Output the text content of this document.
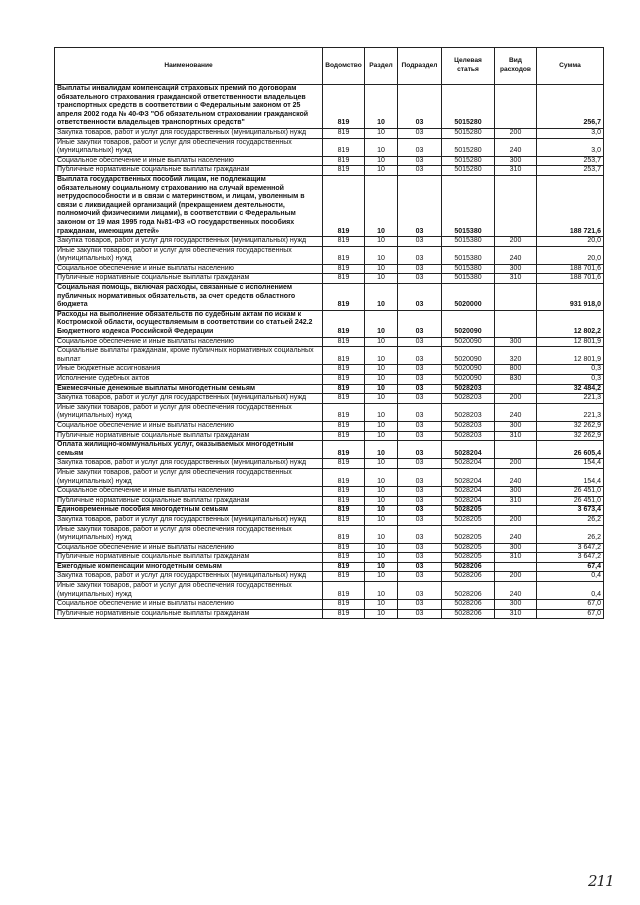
Наименование	Водомство	Раздел	Подраздел	Целевая статья	Вид расходов	Сумма
Выплаты инвалидам компенсаций страховых премий по договорам обязательного страхования гражданской ответственности владельцев транспортных средств в соответствии с Федеральным законом от 25 апреля 2002 года № 40-ФЗ "Об обязательном страховании гражданской ответственности владельцев транспортных средств"	819	10	03	5015280		256,7
Закупка товаров, работ и услуг для государственных (муниципальных) нужд	819	10	03	5015280	200	3,0
Иные закупки товаров, работ и услуг для обеспечения государственных (муниципальных) нужд	819	10	03	5015280	240	3,0
Социальное обеспечение и иные выплаты населению	819	10	03	5015280	300	253,7
Публичные нормативные социальные выплаты гражданам	819	10	03	5015280	310	253,7
Выплата государственных пособий лицам, не подлежащим обязательному социальному страхованию на случай временной нетрудоспособности и в связи с материнством, и лицам, уволенным в связи с ликвидацией организаций (прекращением деятельности, полномочий физическими лицами), в соответствии с Федеральным законом от 19 мая 1995 года №81-ФЗ «О государственных пособиях гражданам, имеющим детей»	819	10	03	5015380		188 721,6
Закупка товаров, работ и услуг для государственных (муниципальных) нужд	819	10	03	5015380	200	20,0
Иные закупки товаров, работ и услуг для обеспечения государственных (муниципальных) нужд	819	10	03	5015380	240	20,0
Социальное обеспечение и иные выплаты населению	819	10	03	5015380	300	188 701,6
Публичные нормативные социальные выплаты гражданам	819	10	03	5015380	310	188 701,6
Социальная помощь, включая расходы, связанные с исполнением публичных нормативных обязательств, за счет средств областного бюджета	819	10	03	5020000		931 918,0
Расходы на выполнение обязательств по судебным актам по искам к Костромской области, осуществляемым в соответствии со статьей 242.2 Бюджетного кодекса Российской Федерации	819	10	03	5020090		12 802,2
Социальное обеспечение и иные выплаты населению	819	10	03	5020090	300	12 801,9
Социальные выплаты гражданам, кроме публичных нормативных социальных выплат	819	10	03	5020090	320	12 801,9
Иные бюджетные ассигнования	819	10	03	5020090	800	0,3
Исполнение судебных актов	819	10	03	5020090	830	0,3
Ежемесячные денежные выплаты многодетным семьям	819	10	03	5028203		32 484,2
Закупка товаров, работ и услуг для государственных (муниципальных) нужд	819	10	03	5028203	200	221,3
Иные закупки товаров, работ и услуг для обеспечения государственных (муниципальных) нужд	819	10	03	5028203	240	221,3
Социальное обеспечение и иные выплаты населению	819	10	03	5028203	300	32 262,9
Публичные нормативные социальные выплаты гражданам	819	10	03	5028203	310	32 262,9
Оплата жилищно-коммунальных услуг, оказываемых многодетным семьям	819	10	03	5028204		26 605,4
Закупка товаров, работ и услуг для государственных (муниципальных) нужд	819	10	03	5028204	200	154,4
Иные закупки товаров, работ и услуг для обеспечения государственных (муниципальных) нужд	819	10	03	5028204	240	154,4
Социальное обеспечение и иные выплаты населению	819	10	03	5028204	300	26 451,0
Публичные нормативные социальные выплаты гражданам	819	10	03	5028204	310	26 451,0
Единовременные пособия многодетным семьям	819	10	03	5028205		3 673,4
Закупка товаров, работ и услуг для государственных (муниципальных) нужд	819	10	03	5028205	200	26,2
Иные закупки товаров, работ и услуг для обеспечения государственных (муниципальных) нужд	819	10	03	5028205	240	26,2
Социальное обеспечение и иные выплаты населению	819	10	03	5028205	300	3 647,2
Публичные нормативные социальные выплаты гражданам	819	10	03	5028205	310	3 647,2
Ежегодные компенсации многодетным семьям	819	10	03	5028206		67,4
Закупка товаров, работ и услуг для государственных (муниципальных) нужд	819	10	03	5028206	200	0,4
Иные закупки товаров, работ и услуг для обеспечения государственных (муниципальных) нужд	819	10	03	5028206	240	0,4
Социальное обеспечение и иные выплаты населению	819	10	03	5028206	300	67,0
Публичные нормативные социальные выплаты гражданам	819	10	03	5028206	310	67,0
211
